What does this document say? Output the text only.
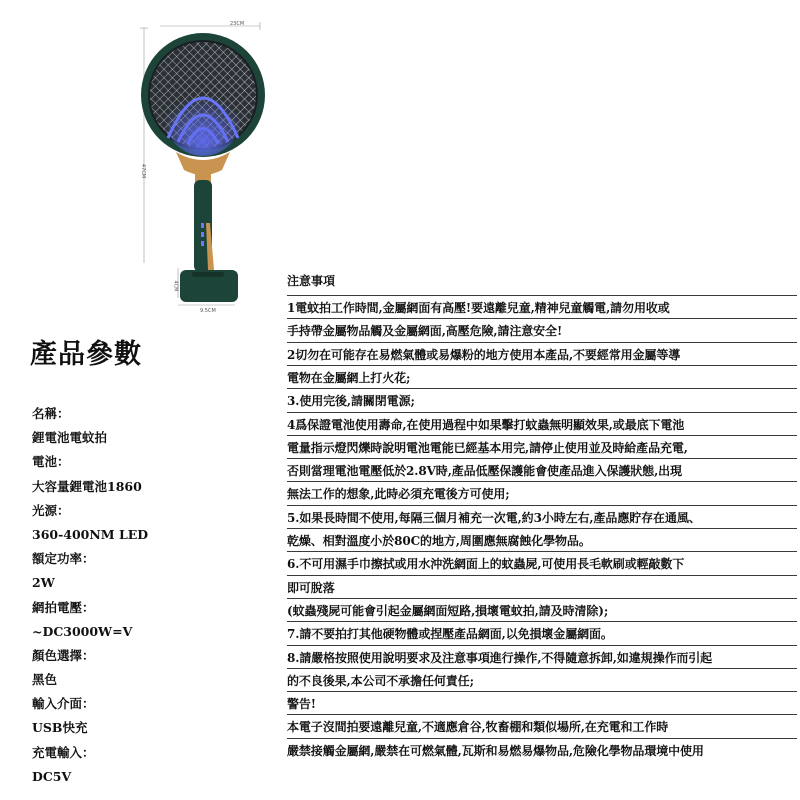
23CM
47CM
4CM
9.5CM
產品參數
名稱：
鋰電池電蚊拍
電池：
大容量鋰電池1860
光源：
360-400NM LED
額定功率：
2W
網拍電壓：
~DC3000W=V
顏色選擇：
黑色
輸入介面：
USB快充
充電輸入：
DC5V
注意事項
1電蚊拍工作時間,金屬網面有高壓!要遠離兒童,精神兒童觸電,請勿用收或
手持帶金屬物品觸及金屬網面,高壓危險,請注意安全!
2切勿在可能存在易燃氣體或易爆粉的地方使用本產品,不要經常用金屬等導
電物在金屬網上打火花;
3.使用完後,請關閉電源;
4爲保證電池使用壽命,在使用過程中如果擊打蚊蟲無明顯效果,或最底下電池
電量指示燈閃爍時說明電池電能已經基本用完,請停止使用並及時給產品充電,
否則當理電池電壓低於2.8V時,產品低壓保護能會使產品進入保護狀態,出現
無法工作的想象,此時必須充電後方可使用;
5.如果長時間不使用,每隔三個月補充一次電,約3小時左右,產品應貯存在通風、
乾燥、相對溫度小於80C的地方,周圍應無腐蝕化學物品。
6.不可用濕手巾擦拭或用水沖洗網面上的蚊蟲屍,可使用長毛軟刷或輕敲數下
即可脫落
(蚊蟲殘屍可能會引起金屬網面短路,損壞電蚊拍,請及時清除);
7.請不要拍打其他硬物體或捏壓產品網面,以免損壞金屬網面。
8.請嚴格按照使用說明要求及注意事項進行操作,不得隨意拆卸,如違規操作而引起
的不良後果,本公司不承擔任何責任;
警告!
本電子沒間拍要遠離兒童,不適應倉谷,牧畜棚和類似場所,在充電和工作時
嚴禁接觸金屬網,嚴禁在可燃氣體,瓦斯和易燃易爆物品,危險化學物品環境中使用
